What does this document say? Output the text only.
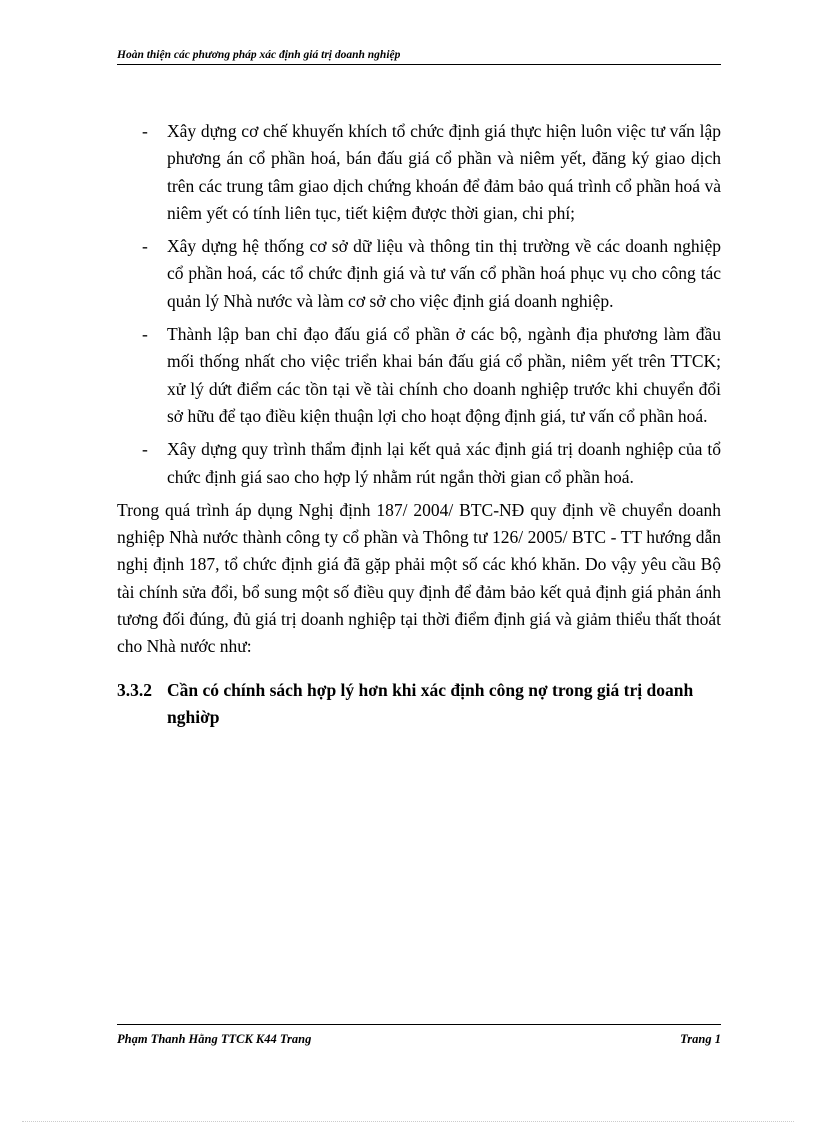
Hoàn thiện các phương pháp xác định giá trị doanh nghiệp
- Xây dựng cơ chế khuyến khích tổ chức định giá thực hiện luôn việc tư vấn lập phương án cổ phần hoá, bán đấu giá cổ phần và niêm yết, đăng ký giao dịch trên các trung tâm giao dịch chứng khoán để đảm bảo quá trình cổ phần hoá và niêm yết có tính liên tục, tiết kiệm được thời gian, chi phí;
- Xây dựng hệ thống cơ sở dữ liệu và thông tin thị trường về các doanh nghiệp cổ phần hoá, các tổ chức định giá và tư vấn cổ phần hoá phục vụ cho công tác quản lý Nhà nước và làm cơ sở cho việc định giá doanh nghiệp.
- Thành lập ban chỉ đạo đấu giá cổ phần ở các bộ, ngành địa phương làm đầu mối thống nhất cho việc triển khai bán đấu giá cổ phần, niêm yết trên TTCK; xử lý dứt điểm các tồn tại về tài chính cho doanh nghiệp trước khi chuyển đổi sở hữu để tạo điều kiện thuận lợi cho hoạt động định giá, tư vấn cổ phần hoá.
- Xây dựng quy trình thẩm định lại kết quả xác định giá trị doanh nghiệp của tổ chức định giá sao cho hợp lý nhằm rút ngắn thời gian cổ phần hoá.

Trong quá trình áp dụng Nghị định 187/ 2004/ BTC-NĐ quy định về chuyển doanh nghiệp Nhà nước thành công ty cổ phần và Thông tư 126/ 2005/ BTC - TT hướng dẫn nghị định 187, tổ chức định giá đã gặp phải một số các khó khăn. Do vậy yêu cầu Bộ tài chính sửa đổi, bổ sung một số điều quy định để đảm bảo kết quả định giá phản ánh tương đối đúng, đủ giá trị doanh nghiệp tại thời điểm định giá và giảm thiểu thất thoát cho Nhà nước như:

3.3.2 Cần có chính sách hợp lý hơn khi xác định công nợ trong giá trị doanh nghiờp
Phạm Thanh Hằng TTCK K44 Trang	Trang 1
